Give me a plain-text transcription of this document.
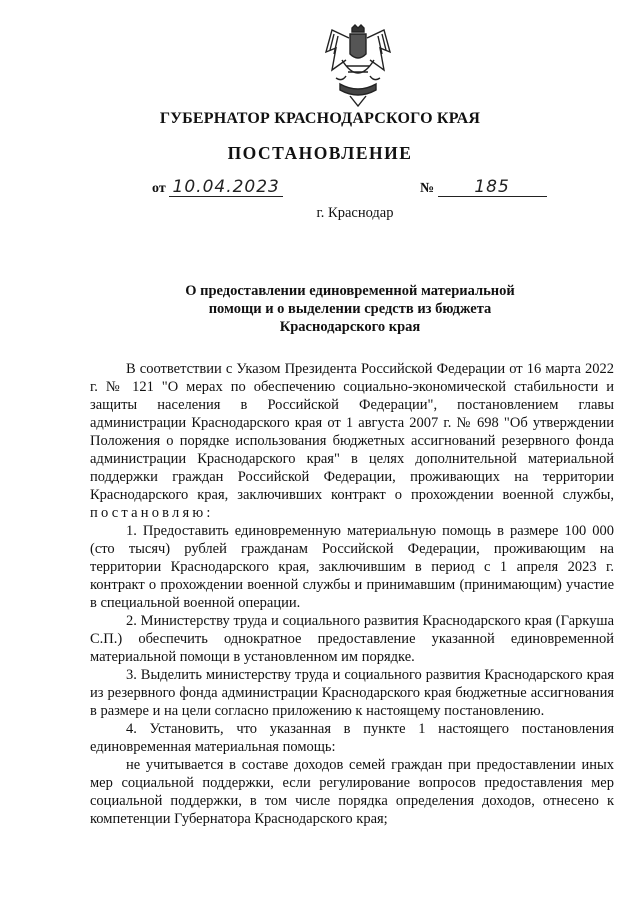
ГУБЕРНАТОР КРАСНОДАРСКОГО КРАЯ
ПОСТАНОВЛЕНИЕ
от 10.04.2023	№ 185
г. Краснодар
О предоставлении единовременной материальной
помощи и о выделении средств из бюджета
Краснодарского края

В соответствии с Указом Президента Российской Федерации от 16 марта 2022 г. № 121 "О мерах по обеспечению социально-экономической стабильности и защиты населения в Российской Федерации", постановлением главы администрации Краснодарского края от 1 августа 2007 г. № 698 "Об утверждении Положения о порядке использования бюджетных ассигнований резервного фонда администрации Краснодарского края" в целях дополнительной материальной поддержки граждан Российской Федерации, проживающих на территории Краснодарского края, заключивших контракт о прохождении военной службы, постановляю:

1. Предоставить единовременную материальную помощь в размере 100 000 (сто тысяч) рублей гражданам Российской Федерации, проживающим на территории Краснодарского края, заключившим в период с 1 апреля 2023 г. контракт о прохождении военной службы и принимавшим (принимающим) участие в специальной военной операции.

2. Министерству труда и социального развития Краснодарского края (Гаркуша С.П.) обеспечить однократное предоставление указанной единовременной материальной помощи в установленном им порядке.

3. Выделить министерству труда и социального развития Краснодарского края из резервного фонда администрации Краснодарского края бюджетные ассигнования в размере и на цели согласно приложению к настоящему постановлению.

4. Установить, что указанная в пункте 1 настоящего постановления единовременная материальная помощь:

не учитывается в составе доходов семей граждан при предоставлении иных мер социальной поддержки, если регулирование вопросов предоставления мер социальной поддержки, в том числе порядка определения доходов, отнесено к компетенции Губернатора Краснодарского края;
